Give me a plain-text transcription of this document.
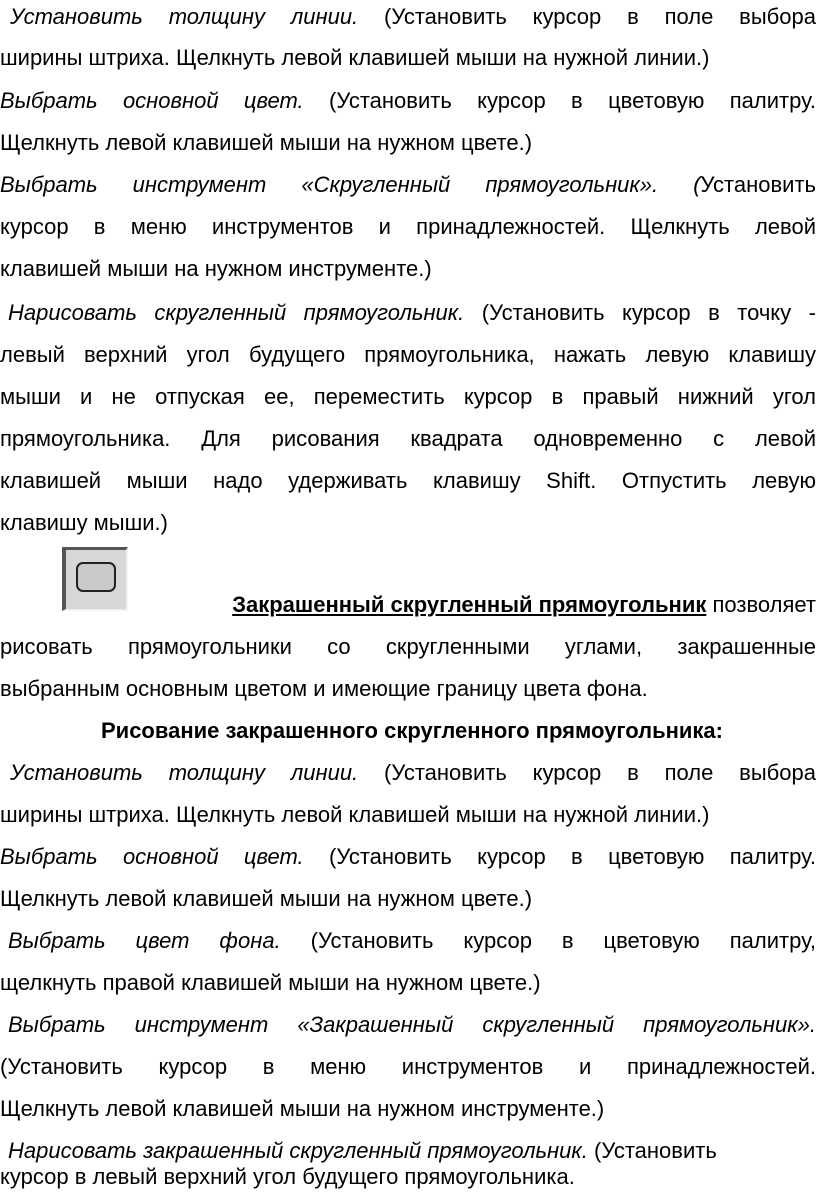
Установить толщину линии. (Установить курсор в поле выбора
ширины штриха. Щелкнуть левой клавишей мыши на нужной линии.)
Выбрать основной цвет. (Установить курсор в цветовую палитру.
Щелкнуть левой клавишей мыши на нужном цвете.)
Выбрать инструмент «Скругленный прямоугольник». (Установить
курсор в меню инструментов и принадлежностей. Щелкнуть левой
клавишей мыши на нужном инструменте.)
Нарисовать скругленный прямоугольник. (Установить курсор в точку -
левый верхний угол будущего прямоугольника, нажать левую клавишу
мыши и не отпуская ее, переместить курсор в правый нижний угол
прямоугольника. Для рисования квадрата одновременно с левой
клавишей мыши надо удерживать клавишу Shift. Отпустить левую
клавишу мыши.)
Закрашенный скругленный прямоугольник позволяет
рисовать прямоугольники со скругленными углами, закрашенные
выбранным основным цветом и имеющие границу цвета фона.
Рисование закрашенного скругленного прямоугольника:
Установить толщину линии. (Установить курсор в поле выбора
ширины штриха. Щелкнуть левой клавишей мыши на нужной линии.)
Выбрать основной цвет. (Установить курсор в цветовую палитру.
Щелкнуть левой клавишей мыши на нужном цвете.)
Выбрать цвет фона. (Установить курсор в цветовую палитру,
щелкнуть правой клавишей мыши на нужном цвете.)
Выбрать инструмент «Закрашенный скругленный прямоугольник».
(Установить курсор в меню инструментов и принадлежностей.
Щелкнуть левой клавишей мыши на нужном инструменте.)
Нарисовать закрашенный скругленный прямоугольник. (Установить
курсор в левый верхний угол будущего прямоугольника.
